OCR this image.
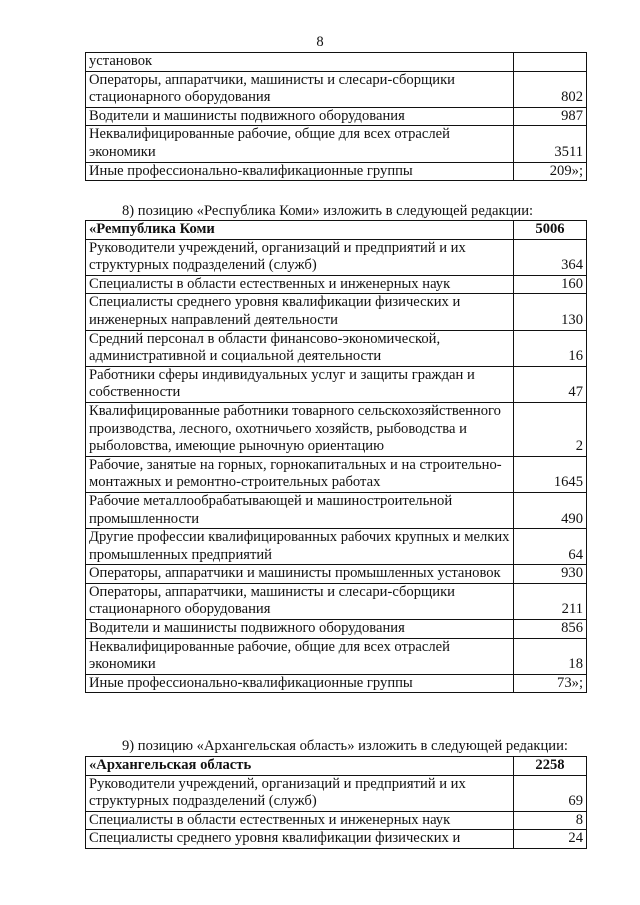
8
установок	
Операторы, аппаратчики, машинисты и слесари-сборщики стационарного оборудования	802
Водители и машинисты подвижного оборудования	987
Неквалифицированные рабочие, общие для всех отраслей экономики	3511
Иные профессионально-квалификационные группы	209»;
8) позицию «Республика Коми» изложить в следующей редакции:
«Ремпублика Коми	5006
Руководители учреждений, организаций и предприятий и их структурных подразделений (служб)	364
Специалисты в области естественных и инженерных наук	160
Специалисты среднего уровня квалификации физических и инженерных направлений деятельности	130
Средний персонал в области финансово-экономической, административной и социальной деятельности	16
Работники сферы индивидуальных услуг и защиты граждан и собственности	47
Квалифицированные работники товарного сельскохозяйственного производства, лесного, охотничьего хозяйств, рыбоводства и рыболовства, имеющие рыночную ориентацию	2
Рабочие, занятые на горных, горнокапитальных и на строительно-монтажных и ремонтно-строительных работах	1645
Рабочие металлообрабатывающей и машиностроительной промышленности	490
Другие профессии квалифицированных рабочих крупных и мелких промышленных предприятий	64
Операторы, аппаратчики и машинисты промышленных установок	930
Операторы, аппаратчики, машинисты и слесари-сборщики стационарного оборудования	211
Водители и машинисты подвижного оборудования	856
Неквалифицированные рабочие, общие для всех отраслей экономики	18
Иные профессионально-квалификационные группы	73»;
9) позицию «Архангельская область» изложить в следующей редакции:
«Архангельская область	2258
Руководители учреждений, организаций и предприятий и их структурных подразделений (служб)	69
Специалисты в области естественных и инженерных наук	8
Специалисты среднего уровня квалификации физических и	24
